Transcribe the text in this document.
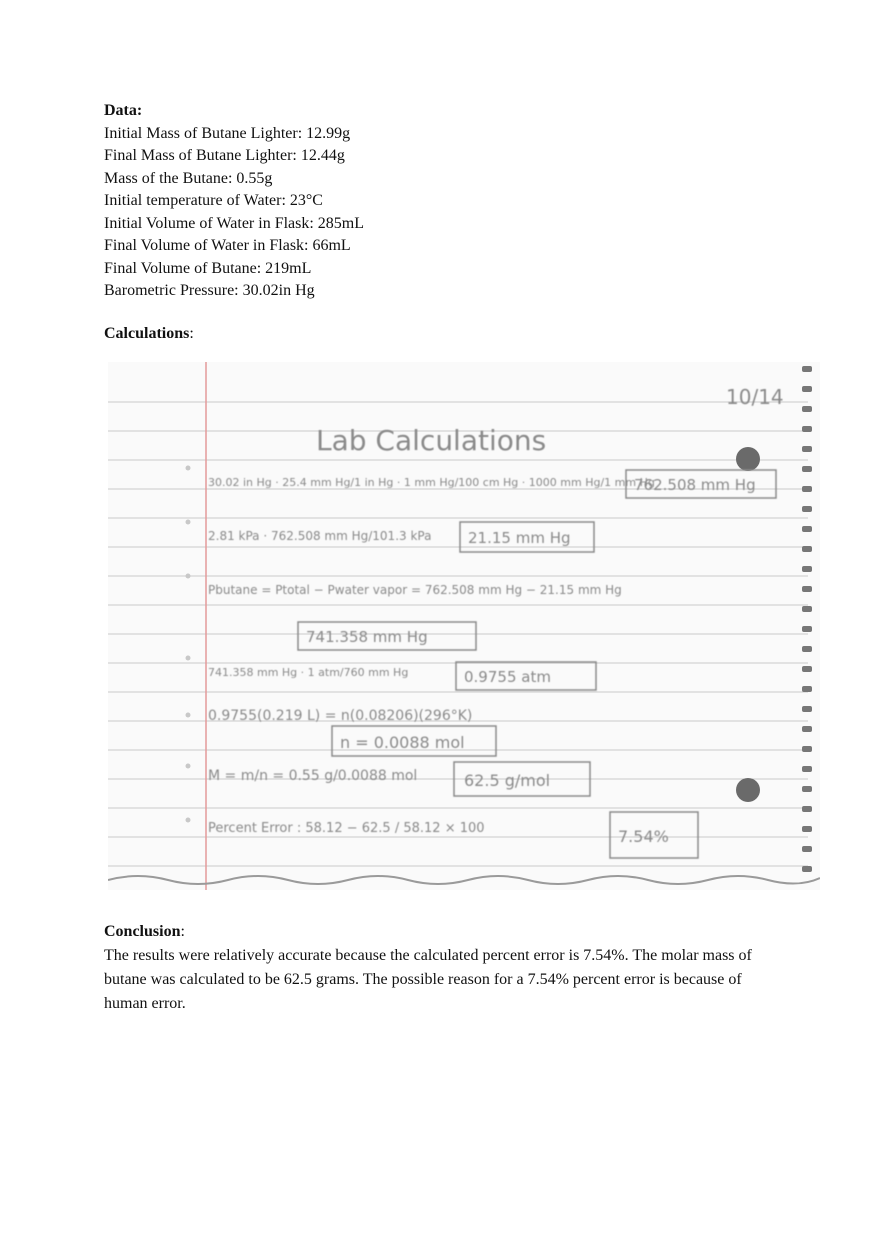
Data:
Initial Mass of Butane Lighter: 12.99g
Final Mass of Butane Lighter: 12.44g
Mass of the Butane: 0.55g
Initial temperature of Water: 23°C
Initial Volume of Water in Flask: 285mL
Final Volume of Water in Flask: 66mL
Final Volume of Butane: 219mL
Barometric Pressure: 30.02in Hg
Calculations:
10/14
Lab Calculations
30.02 in Hg · 25.4 mm Hg/1 in Hg · 1 mm Hg/100 cm Hg · 1000 mm Hg/1 mm Hg
762.508 mm Hg
2.81 kPa · 762.508 mm Hg/101.3 kPa 21.15 mm Hg
Pbutane = Ptotal − Pwater vapor = 762.508 mm Hg − 21.15 mm Hg
741.358 mm Hg
741.358 mm Hg · 1 atm/760 mm Hg	0.9755 atm
0.9755(0.219 L) = n(0.08206)(296°K)
n = 0.0088 mol
M = m/n = 0.55 g/0.0088 mol	62.5 g/mol
Percent Error : 58.12 − 62.5 / 58.12 × 100	7.54%
Conclusion:

The results were relatively accurate because the calculated percent error is 7.54%. The molar mass of butane was calculated to be 62.5 grams. The possible reason for a 7.54% percent error is because of human error.
